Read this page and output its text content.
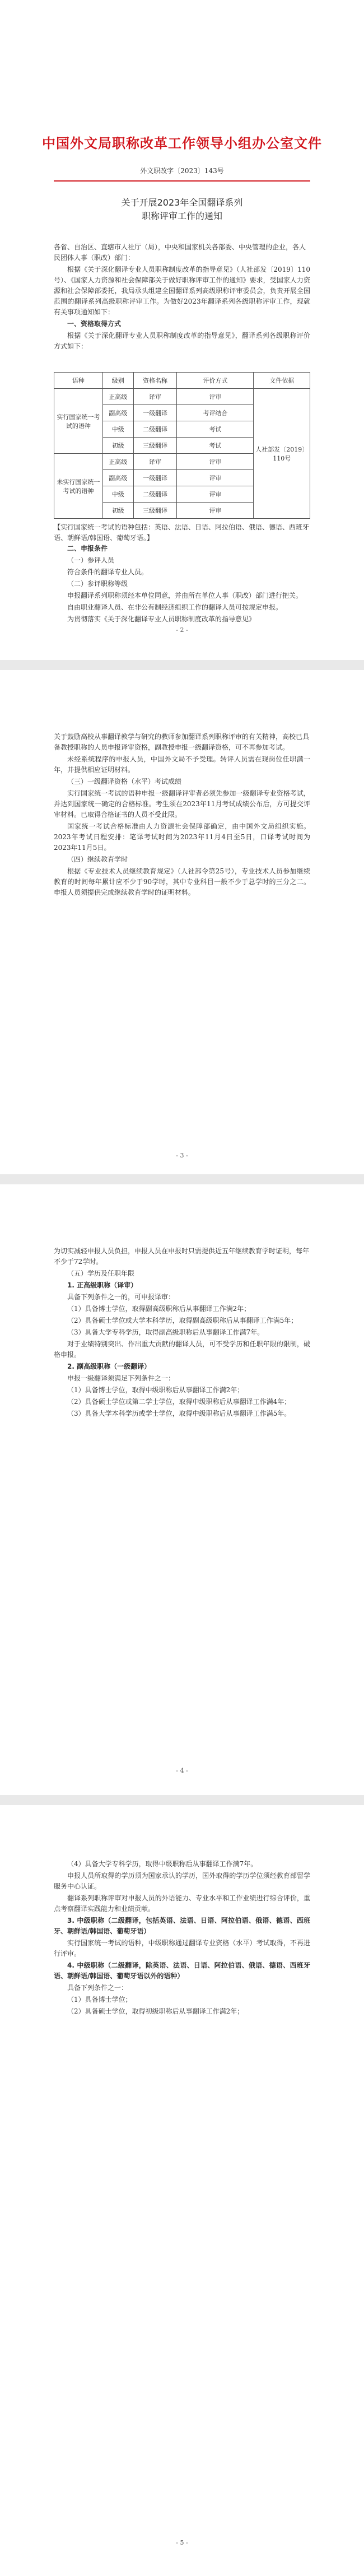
中国外文局职称改革工作领导小组办公室文件
外文职改字〔2023〕143号
关于开展2023年全国翻译系列
职称评审工作的通知

各省、自治区、直辖市人社厅（局），中央和国家机关各部委、中央管理的企业，各人民团体人事（职改）部门：

根据《关于深化翻译专业人员职称制度改革的指导意见》（人社部发〔2019〕110号）、《国家人力资源和社会保障部关于做好职称评审工作的通知》要求，受国家人力资源和社会保障部委托，我局承头组建全国翻译系列高级职称评审委员会，负责开展全国范围的翻译系列高级职称评审工作。为做好2023年翻译系列各级职称评审工作，现就有关事项通知如下：

一、资格取得方式

根据《关于深化翻译专业人员职称制度改革的指导意见》，翻译系列各级职称评价方式如下：

语种	级别	资格名称	评价方式	文件依据
实行国家统一考试的语种	正高级	译审	评审	人社部发〔2019〕110号
	副高级	一级翻译	考评结合	
	中级	二级翻译	考试	
	初级	三级翻译	考试	
未实行国家统一考试的语种	正高级	译审	评审	
	副高级	一级翻译	评审	
	中级	二级翻译	评审	
	初级	三级翻译	评审	

【实行国家统一考试的语种包括：英语、法语、日语、阿拉伯语、俄语、德语、西班牙语、朝鲜语/韩国语、葡萄牙语。】

二、申报条件

（一）参评人员

符合条件的翻译专业人员。

（二）参评职称等级

申报翻译系列职称须经本单位同意，并由所在单位人事（职改）部门进行把关。

自由职业翻译人员、在非公有制经济组织工作的翻译人员可按规定申报。

为贯彻落实《关于深化翻译专业人员职称制度改革的指导意见》

- 2 -

关于鼓励高校从事翻译教学与研究的教师参加翻译系列职称评审的有关精神，高校已具备教授职称的人员申报译审资格，副教授申报一级翻译资格，可不再参加考试。

未经系统程序的申报人员，中国外文局不予受理。转评人员需在现岗位任职满一年，并提供相应证明材料。

（三）一级翻译资格（水平）考试成绩

实行国家统一考试的语种申报一级翻译评审者必须先参加一级翻译专业资格考试，并达到国家统一确定的合格标准。考生须在2023年11月考试成绩公布后，方可提交评审材料。已取得合格证书的人员不受此限。

国家统一考试合格标准由人力资源社会保障部确定，由中国外文局组织实施。2023年考试日程安排：笔译考试时间为2023年11月4日至5日，口译考试时间为2023年11月5日。

（四）继续教育学时

根据《专业技术人员继续教育规定》（人社部令第25号），专业技术人员参加继续教育的时间每年累计应不少于90学时，其中专业科目一般不少于总学时的三分之二。申报人员须提供完成继续教育学时的证明材料。

- 3 -

为切实减轻申报人员负担，申报人员在申报时只需提供近五年继续教育学时证明，每年不少于72学时。

（五）学历及任职年限

1. 正高级职称（译审）

具备下列条件之一的，可申报译审：

（1）具备博士学位，取得副高级职称后从事翻译工作满2年；

（2）具备硕士学位或大学本科学历，取得副高级职称后从事翻译工作满5年；

（3）具备大学专科学历，取得副高级职称后从事翻译工作满7年。

对于业绩特别突出、作出重大贡献的翻译人员，可不受学历和任职年限的限制，破格申报。

2. 副高级职称（一级翻译）

申报一级翻译须满足下列条件之一：

（1）具备博士学位，取得中级职称后从事翻译工作满2年；

（2）具备硕士学位或第二学士学位，取得中级职称后从事翻译工作满4年；

（3）具备大学本科学历或学士学位，取得中级职称后从事翻译工作满5年。

- 4 -

（4）具备大学专科学历，取得中级职称后从事翻译工作满7年。

申报人员所取得的学历须为国家承认的学历，国外取得的学历学位须经教育部留学服务中心认证。

翻译系列职称评审对申报人员的外语能力、专业水平和工作业绩进行综合评价，重点考察翻译实践能力和业绩贡献。

3. 中级职称（二级翻译，包括英语、法语、日语、阿拉伯语、俄语、德语、西班牙、朝鲜语/韩国语、葡萄牙语）

实行国家统一考试的语种，中级职称通过翻译专业资格（水平）考试取得，不再进行评审。

4. 中级职称（二级翻译，除英语、法语、日语、阿拉伯语、俄语、德语、西班牙语、朝鲜语/韩国语、葡萄牙语以外的语种）

具备下列条件之一：

（1）具备博士学位；

（2）具备硕士学位，取得初级职称后从事翻译工作满2年；

- 5 -
